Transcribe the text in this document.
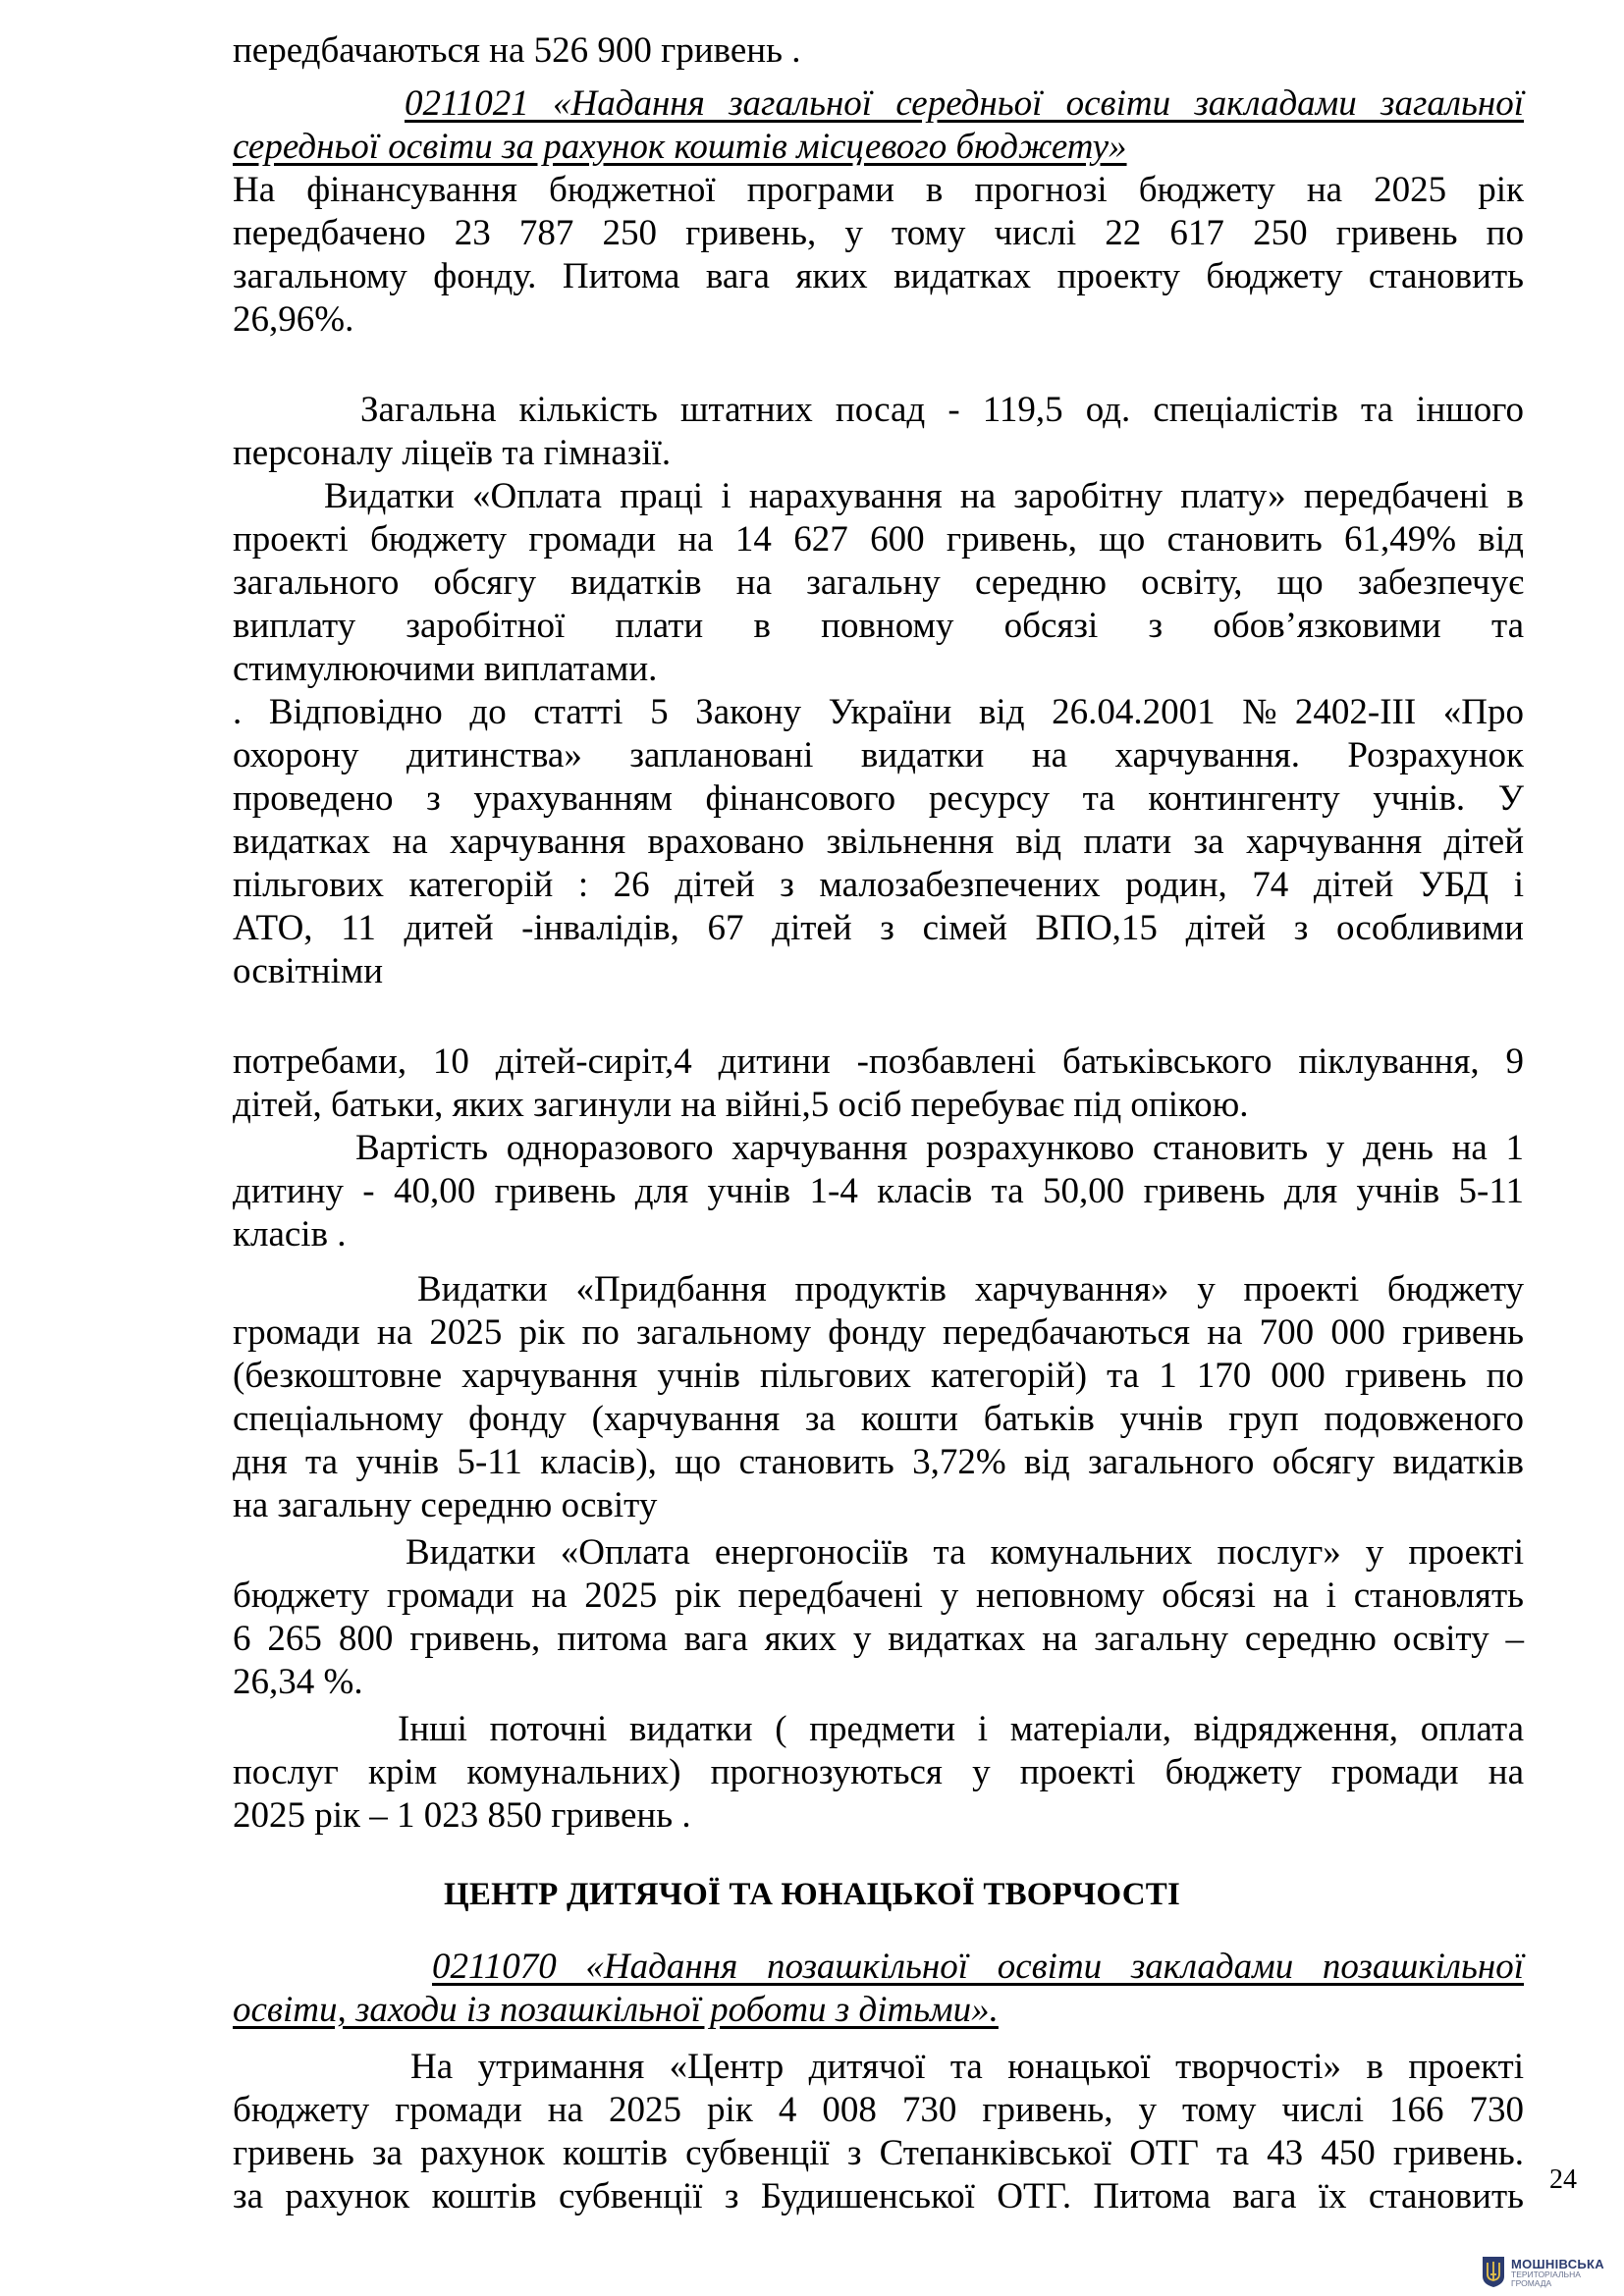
передбачаються на 526 900 гривень .
0211021 «Надання загальної середньої освіти закладами загальної
середньої освіти за рахунок коштів місцевого бюджету»
На фінансування бюджетної програми в прогнозі бюджету на 2025 рік
передбачено 23 787 250 гривень, у тому числі 22 617 250 гривень по
загальному фонду. Питома вага яких видатках проекту бюджету становить
26,96%.
Загальна кількість штатних посад - 119,5 од. спеціалістів та іншого
персоналу ліцеїв та гімназії.
Видатки «Оплата праці і нарахування на заробітну плату» передбачені в
проекті бюджету громади на 14 627 600 гривень, що становить 61,49% від
загального обсягу видатків на загальну середню освіту, що забезпечує
виплату заробітної плати в повному обсязі з обов’язковими та
стимулюючими виплатами.
. Відповідно до статті 5 Закону України від 26.04.2001 №2402-ІІІ «Про
охорону дитинства» заплановані видатки на харчування. Розрахунок
проведено з урахуванням фінансового ресурсу та контингенту учнів. У
видатках на харчування враховано звільнення від плати за харчування дітей
пільгових категорій : 26 дітей з малозабезпечених родин, 74 дітей УБД і
АТО, 11 дитей -інвалідів, 67 дітей з сімей ВПО,15 дітей з особливими
освітніми
потребами, 10 дітей-сиріт,4 дитини -позбавлені батьківського піклування, 9
дітей, батьки, яких загинули на війні,5 осіб перебуває під опікою.
Вартість одноразового харчування розрахунково становить у день на 1
дитину - 40,00 гривень для учнів 1-4 класів та 50,00 гривень для учнів 5-11
класів .
Видатки «Придбання продуктів харчування» у проекті бюджету
громади на 2025 рік по загальному фонду передбачаються на 700 000 гривень
(безкоштовне харчування учнів пільгових категорій) та 1 170 000 гривень по
спеціальному фонду (харчування за кошти батьків учнів груп подовженого
дня та учнів 5-11 класів), що становить 3,72% від загального обсягу видатків
на загальну середню освіту
Видатки «Оплата енергоносіїв та комунальних послуг» у проекті
бюджету громади на 2025 рік передбачені у неповному обсязі на і становлять
6 265 800 гривень, питома вага яких у видатках на загальну середню освіту –
26,34 %.
Інші поточні видатки ( предмети і матеріали, відрядження, оплата
послуг крім комунальних) прогнозуються у проекті бюджету громади на
2025 рік – 1 023 850 гривень .
ЦЕНТР ДИТЯЧОЇ ТА ЮНАЦЬКОЇ ТВОРЧОСТІ
0211070 «Надання позашкільної освіти закладами позашкільної
освіти, заходи із позашкільної роботи з дітьми».
На утримання «Центр дитячої та юнацької творчості» в проекті
бюджету громади на 2025 рік 4 008 730 гривень, у тому числі 166 730
гривень за рахунок коштів субвенції з Степанківської ОТГ та 43 450 гривень.
за рахунок коштів субвенції з Будишенської ОТГ. Питома вага їх становить 24
МОШНІВСЬКА
ТЕРИТОРІАЛЬНА
ГРОМАДА
